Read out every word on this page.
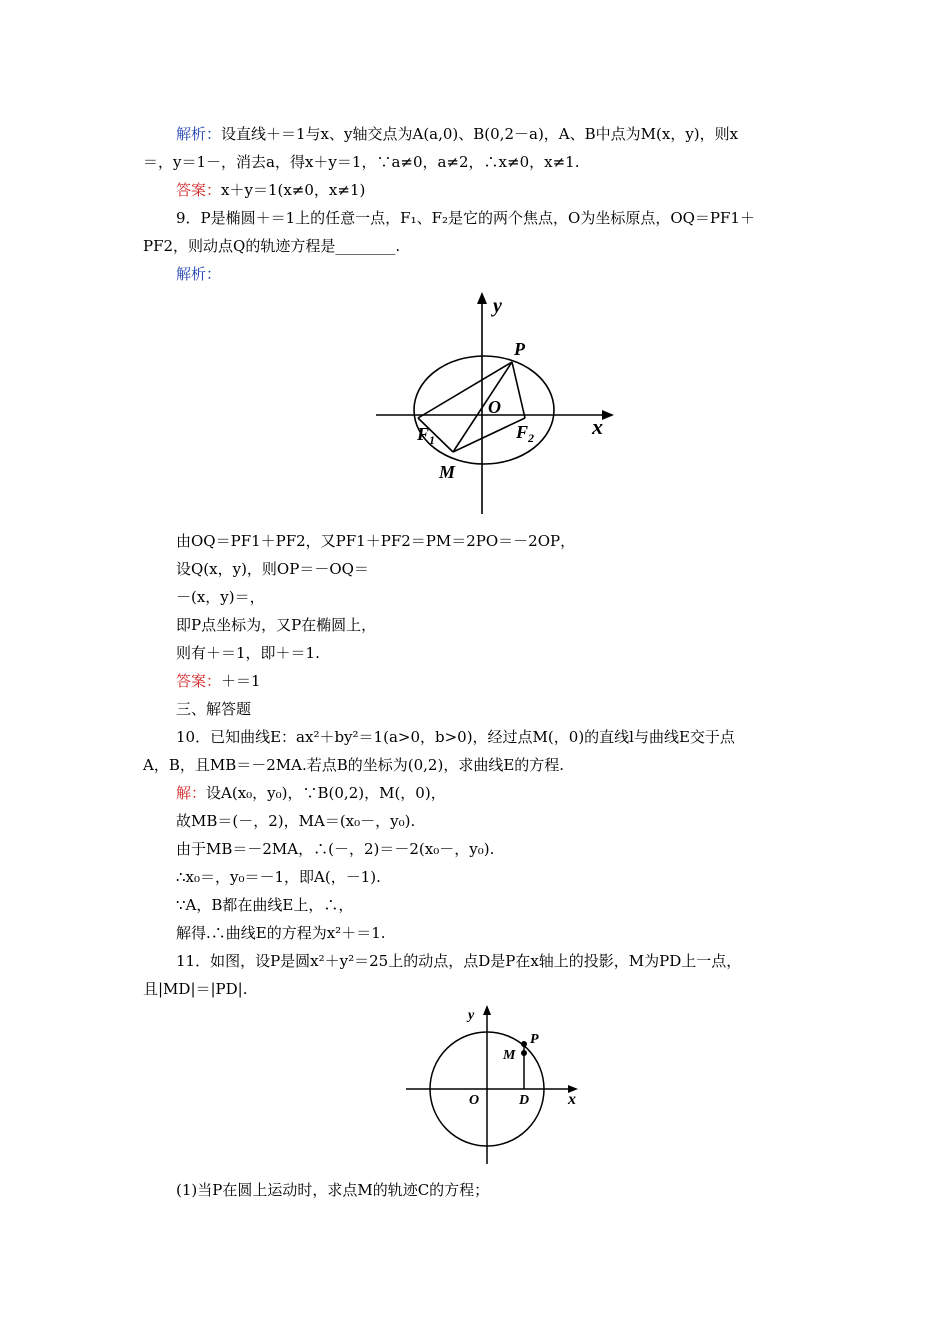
解析：设直线＋＝1与x、y轴交点为A(a,0)、B(0,2－a)，A、B中点为M(x，y)，则x
＝，y＝1－，消去a，得x＋y＝1，∵a≠0，a≠2，∴x≠0，x≠1.
答案：x＋y＝1(x≠0，x≠1)
9．P是椭圆＋＝1上的任意一点，F₁、F₂是它的两个焦点，O为坐标原点，OQ＝PF1＋
PF2，则动点Q的轨迹方程是________.
解析：
y
x
P
O
$F_1$	$F_2$
M
由OQ＝PF1＋PF2，又PF1＋PF2＝PM＝2PO＝－2OP，
设Q(x，y)，则OP＝－OQ＝
－(x，y)＝，
即P点坐标为，又P在椭圆上，
则有＋＝1，即＋＝1.
答案：＋＝1
三、解答题
10．已知曲线E：ax²＋by²＝1(a>0，b>0)，经过点M(，0)的直线l与曲线E交于点
A，B，且MB＝－2MA.若点B的坐标为(0,2)，求曲线E的方程.
解：设A(x₀，y₀)，∵B(0,2)，M(，0)，
故MB＝(－，2)，MA＝(x₀－，y₀).
由于MB＝－2MA，∴(－，2)＝－2(x₀－，y₀).
∴x₀＝，y₀＝－1，即A(，－1).
∵A，B都在曲线E上，∴，
解得.∴曲线E的方程为x²＋＝1.
11．如图，设P是圆x²＋y²＝25上的动点，点D是P在x轴上的投影，M为PD上一点，
且|MD|＝|PD|.
y
x
P
M
O	D
(1)当P在圆上运动时，求点M的轨迹C的方程；
